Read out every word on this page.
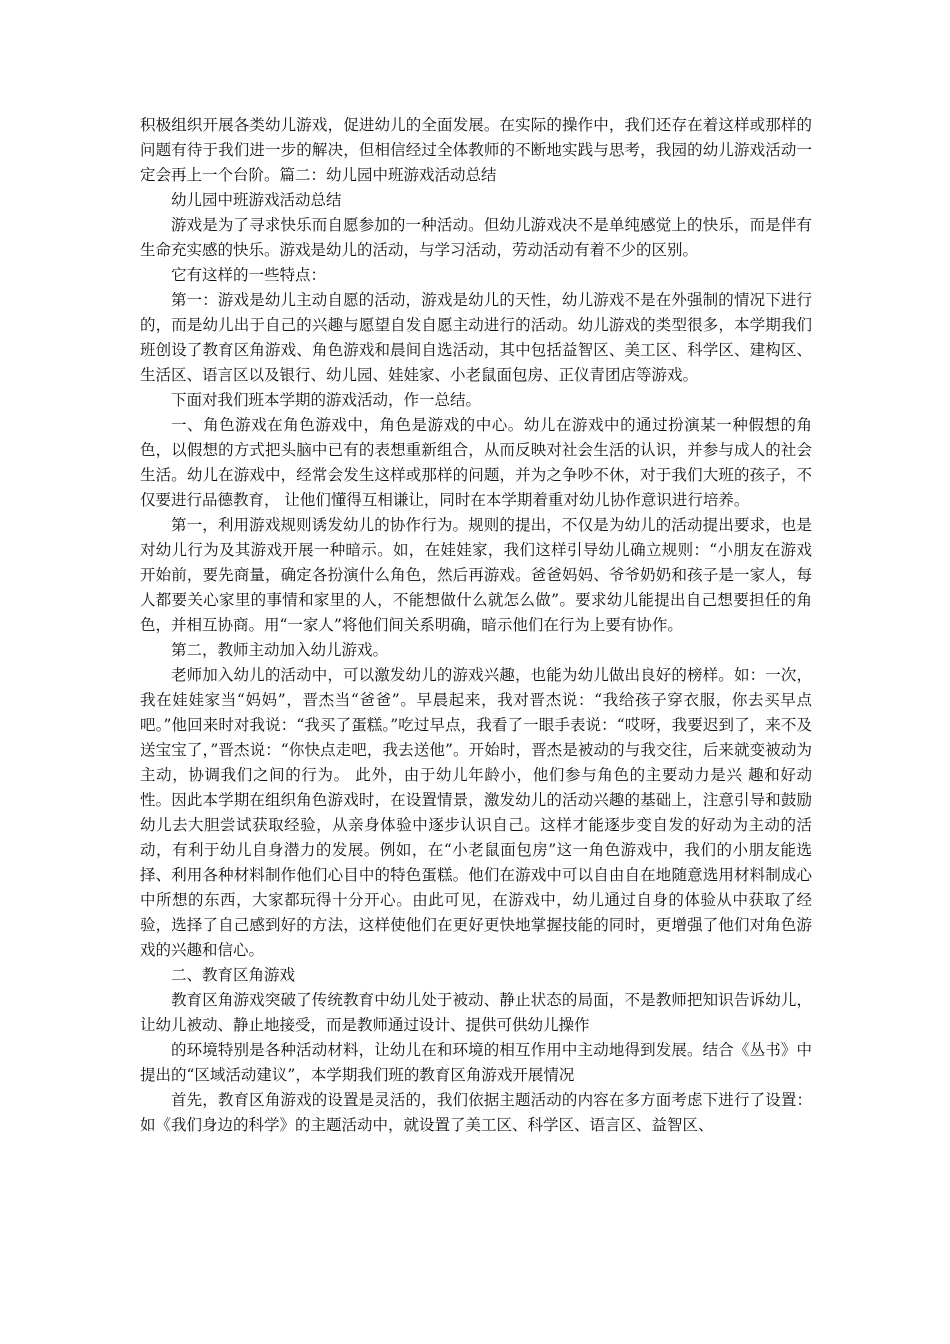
积极组织开展各类幼儿游戏，促进幼儿的全面发展。在实际的操作中，我们还存在着这样或那样的问题有待于我们进一步的解决，但相信经过全体教师的不断地实践与思考，我园的幼儿游戏活动一定会再上一个台阶。篇二：幼儿园中班游戏活动总结

幼儿园中班游戏活动总结

游戏是为了寻求快乐而自愿参加的一种活动。但幼儿游戏决不是单纯感觉上的快乐，而是伴有生命充实感的快乐。游戏是幼儿的活动，与学习活动，劳动活动有着不少的区别。

它有这样的一些特点：

第一：游戏是幼儿主动自愿的活动，游戏是幼儿的天性，幼儿游戏不是在外强制的情况下进行的，而是幼儿出于自己的兴趣与愿望自发自愿主动进行的活动。幼儿游戏的类型很多，本学期我们班创设了教育区角游戏、角色游戏和晨间自选活动，其中包括益智区、美工区、科学区、建构区、生活区、语言区以及银行、幼儿园、娃娃家、小老鼠面包房、正仪青团店等游戏。

下面对我们班本学期的游戏活动，作一总结。

一、角色游戏在角色游戏中，角色是游戏的中心。幼儿在游戏中的通过扮演某一种假想的角色，以假想的方式把头脑中已有的表想重新组合，从而反映对社会生活的认识，并参与成人的社会生活。幼儿在游戏中，经常会发生这样或那样的问题，并为之争吵不休，对于我们大班的孩子，不仅要进行品德教育， 让他们懂得互相谦让，同时在本学期着重对幼儿协作意识进行培养。

第一，利用游戏规则诱发幼儿的协作行为。规则的提出，不仅是为幼儿的活动提出要求，也是对幼儿行为及其游戏开展一种暗示。如，在娃娃家，我们这样引导幼儿确立规则：“小朋友在游戏开始前，要先商量，确定各扮演什么角色，然后再游戏。爸爸妈妈、爷爷奶奶和孩子是一家人，每人都要关心家里的事情和家里的人，不能想做什么就怎么做”。要求幼儿能提出自己想要担任的角色，并相互协商。用“一家人”将他们间关系明确，暗示他们在行为上要有协作。

第二，教师主动加入幼儿游戏。

老师加入幼儿的活动中，可以激发幼儿的游戏兴趣，也能为幼儿做出良好的榜样。如：一次，我在娃娃家当“妈妈”，晋杰当“爸爸”。早晨起来，我对晋杰说：“我给孩子穿衣服，你去买早点吧。”他回来时对我说：“我买了蛋糕。”吃过早点，我看了一眼手表说：“哎呀，我要迟到了，来不及送宝宝了，”晋杰说：“你快点走吧，我去送他”。开始时，晋杰是被动的与我交往，后来就变被动为主动，协调我们之间的行为。 此外，由于幼儿年龄小，他们参与角色的主要动力是兴 趣和好动性。因此本学期在组织角色游戏时，在设置情景，激发幼儿的活动兴趣的基础上，注意引导和鼓励幼儿去大胆尝试获取经验，从亲身体验中逐步认识自己。这样才能逐步变自发的好动为主动的活动，有利于幼儿自身潜力的发展。例如，在“小老鼠面包房”这一角色游戏中，我们的小朋友能选择、利用各种材料制作他们心目中的特色蛋糕。他们在游戏中可以自由自在地随意选用材料制成心中所想的东西，大家都玩得十分开心。由此可见，在游戏中，幼儿通过自身的体验从中获取了经验，选择了自己感到好的方法，这样使他们在更好更快地掌握技能的同时，更增强了他们对角色游戏的兴趣和信心。

二、教育区角游戏

教育区角游戏突破了传统教育中幼儿处于被动、静止状态的局面，不是教师把知识告诉幼儿，让幼儿被动、静止地接受，而是教师通过设计、提供可供幼儿操作

的环境特别是各种活动材料，让幼儿在和环境的相互作用中主动地得到发展。结合《丛书》中提出的“区域活动建议”，本学期我们班的教育区角游戏开展情况

首先，教育区角游戏的设置是灵活的，我们依据主题活动的内容在多方面考虑下进行了设置：如《我们身边的科学》的主题活动中，就设置了美工区、科学区、语言区、益智区、
